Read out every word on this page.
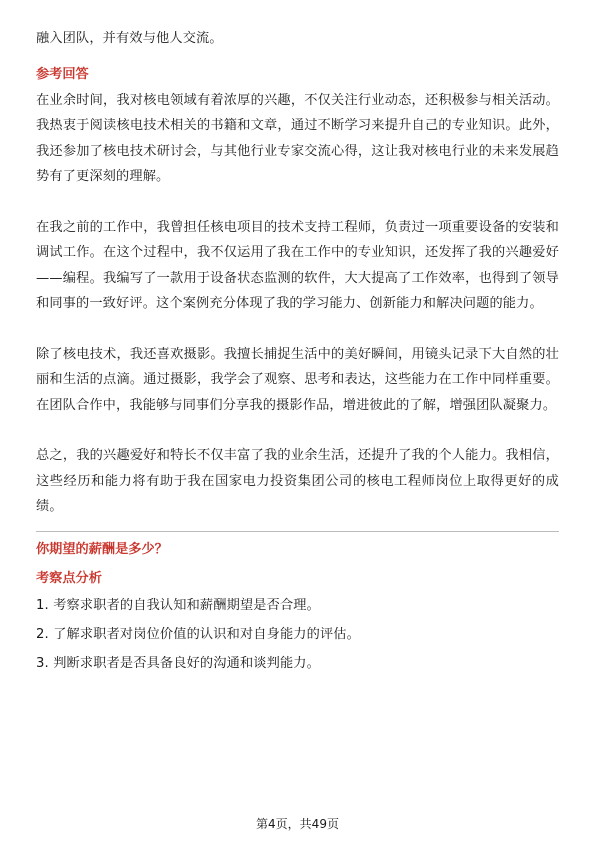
融入团队，并有效与他人交流。

参考回答

在业余时间，我对核电领域有着浓厚的兴趣，不仅关注行业动态，还积极参与相关活动。我热衷于阅读核电技术相关的书籍和文章，通过不断学习来提升自己的专业知识。此外，我还参加了核电技术研讨会，与其他行业专家交流心得，这让我对核电行业的未来发展趋势有了更深刻的理解。

在我之前的工作中，我曾担任核电项目的技术支持工程师，负责过一项重要设备的安装和调试工作。在这个过程中，我不仅运用了我在工作中的专业知识，还发挥了我的兴趣爱好——编程。我编写了一款用于设备状态监测的软件，大大提高了工作效率，也得到了领导和同事的一致好评。这个案例充分体现了我的学习能力、创新能力和解决问题的能力。

除了核电技术，我还喜欢摄影。我擅长捕捉生活中的美好瞬间，用镜头记录下大自然的壮丽和生活的点滴。通过摄影，我学会了观察、思考和表达，这些能力在工作中同样重要。在团队合作中，我能够与同事们分享我的摄影作品，增进彼此的了解，增强团队凝聚力。

总之，我的兴趣爱好和特长不仅丰富了我的业余生活，还提升了我的个人能力。我相信，这些经历和能力将有助于我在国家电力投资集团公司的核电工程师岗位上取得更好的成绩。

你期望的薪酬是多少？

考察点分析

1. 考察求职者的自我认知和薪酬期望是否合理。

2. 了解求职者对岗位价值的认识和对自身能力的评估。

3. 判断求职者是否具备良好的沟通和谈判能力。

第4页，共49页
